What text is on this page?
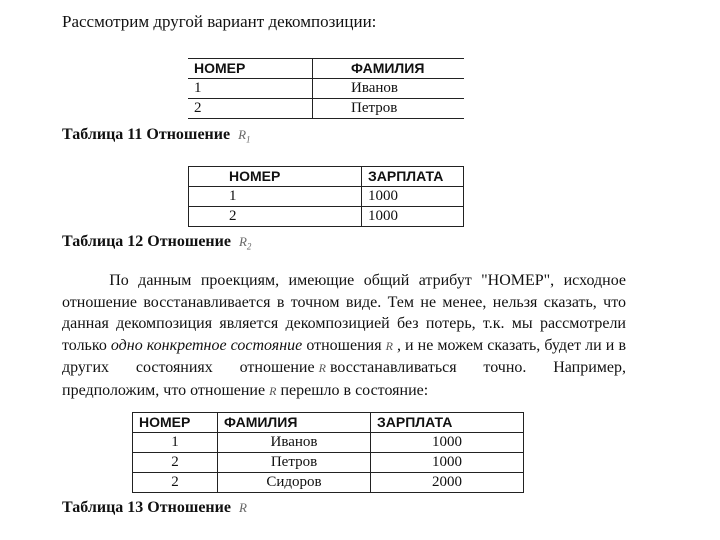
Рассмотрим другой вариант декомпозиции:
НОМЕР	ФАМИЛИЯ
1	Иванов
2	Петров
Таблица 11 Отношение $R_1$
НОМЕР	ЗАРПЛАТА
1	1000
2	1000
Таблица 12 Отношение $R_2$
По данным проекциям, имеющие общий атрибут "НОМЕР", исходное отношение восстанавливается в точном виде. Тем не менее, нельзя сказать, что данная декомпозиция является декомпозицией без потерь, т.к. мы рассмотрели только одно конкретное состояние отношения R , и не можем сказать, будет ли и в других состояниях отношение R восстанавливаться точно. Например, предположим, что отношение R перешло в состояние:
НОМЕР	ФАМИЛИЯ	ЗАРПЛАТА
1	Иванов	1000
2	Петров	1000
2	Сидоров	2000
Таблица 13 Отношение R
